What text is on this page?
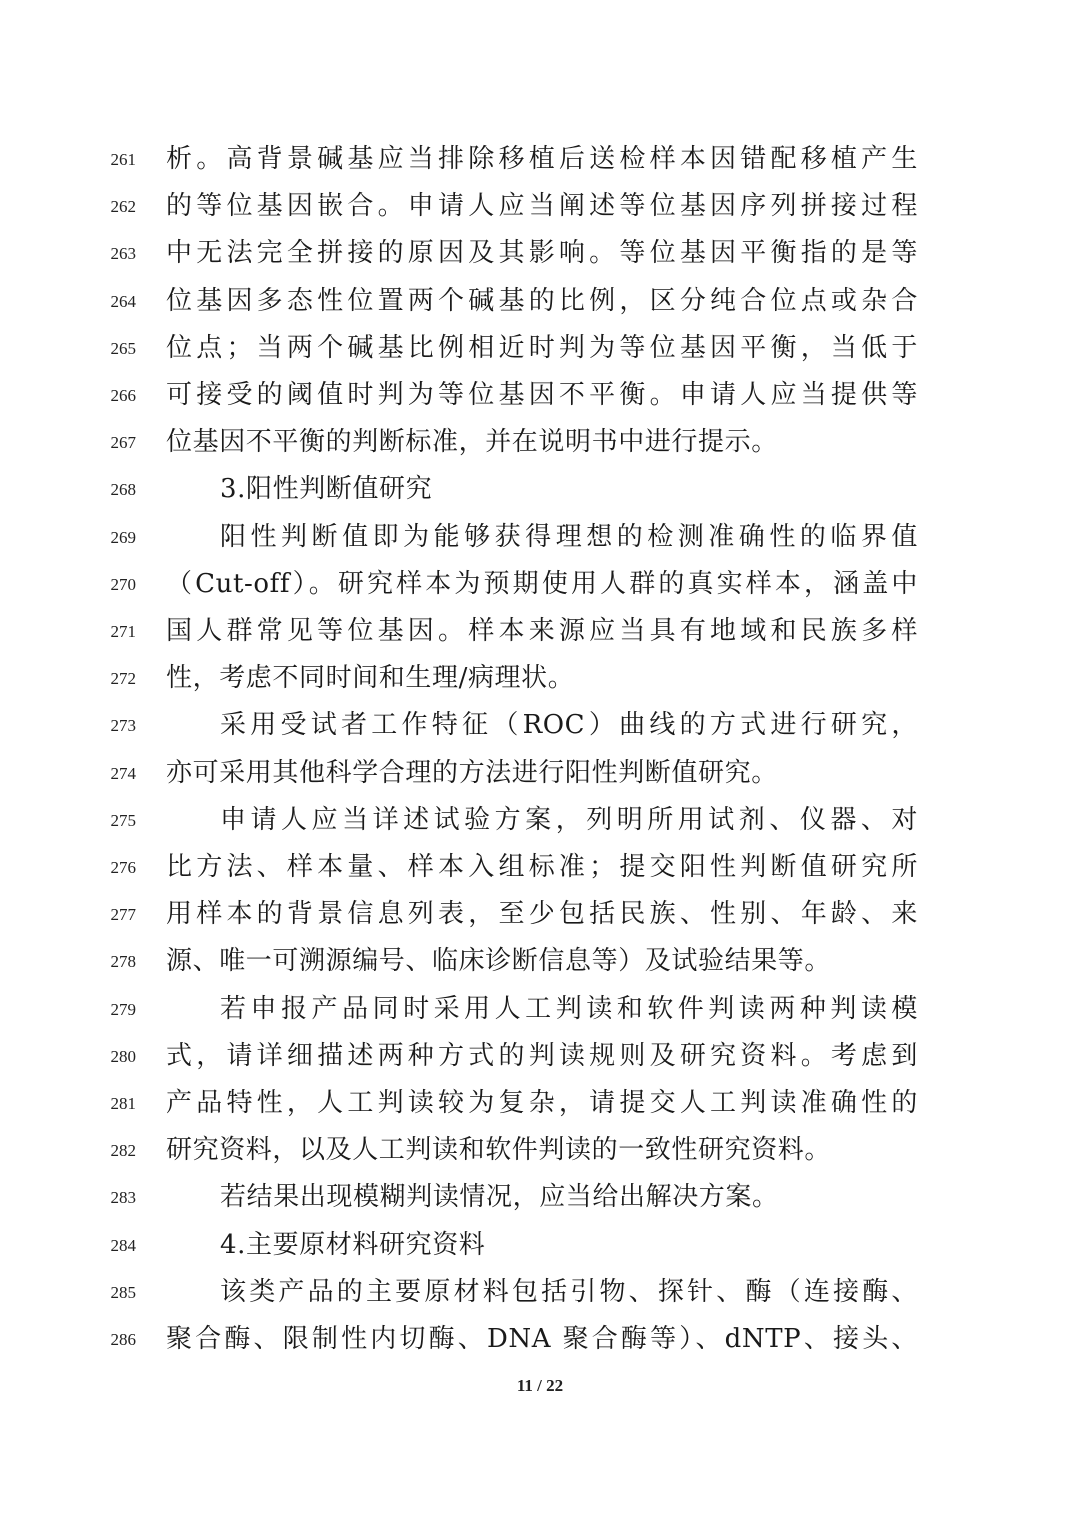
261 析。高背景碱基应当排除移植后送检样本因错配移植产生
262 的等位基因嵌合。申请人应当阐述等位基因序列拼接过程
263 中无法完全拼接的原因及其影响。等位基因平衡指的是等
264 位基因多态性位置两个碱基的比例，区分纯合位点或杂合
265 位点；当两个碱基比例相近时判为等位基因平衡，当低于
266 可接受的阈值时判为等位基因不平衡。申请人应当提供等
267 位基因不平衡的判断标准，并在说明书中进行提示。
268	3.阳性判断值研究
269	阳性判断值即为能够获得理想的检测准确性的临界值
270 （Cut-off）。研究样本为预期使用人群的真实样本，涵盖中
271 国人群常见等位基因。样本来源应当具有地域和民族多样
272 性，考虑不同时间和生理/病理状。
273	采用受试者工作特征（ROC）曲线的方式进行研究，
274 亦可采用其他科学合理的方法进行阳性判断值研究。
275	申请人应当详述试验方案，列明所用试剂、仪器、对
276 比方法、样本量、样本入组标准；提交阳性判断值研究所
277 用样本的背景信息列表，至少包括民族、性别、年龄、来
278 源、唯一可溯源编号、临床诊断信息等）及试验结果等。
279	若申报产品同时采用人工判读和软件判读两种判读模
280 式，请详细描述两种方式的判读规则及研究资料。考虑到
281 产品特性，人工判读较为复杂，请提交人工判读准确性的
282 研究资料，以及人工判读和软件判读的一致性研究资料。
283	若结果出现模糊判读情况，应当给出解决方案。
284	4.主要原材料研究资料
285	该类产品的主要原材料包括引物、探针、酶（连接酶、
286 聚合酶、限制性内切酶、DNA 聚合酶等）、dNTP、接头、
11 / 22
